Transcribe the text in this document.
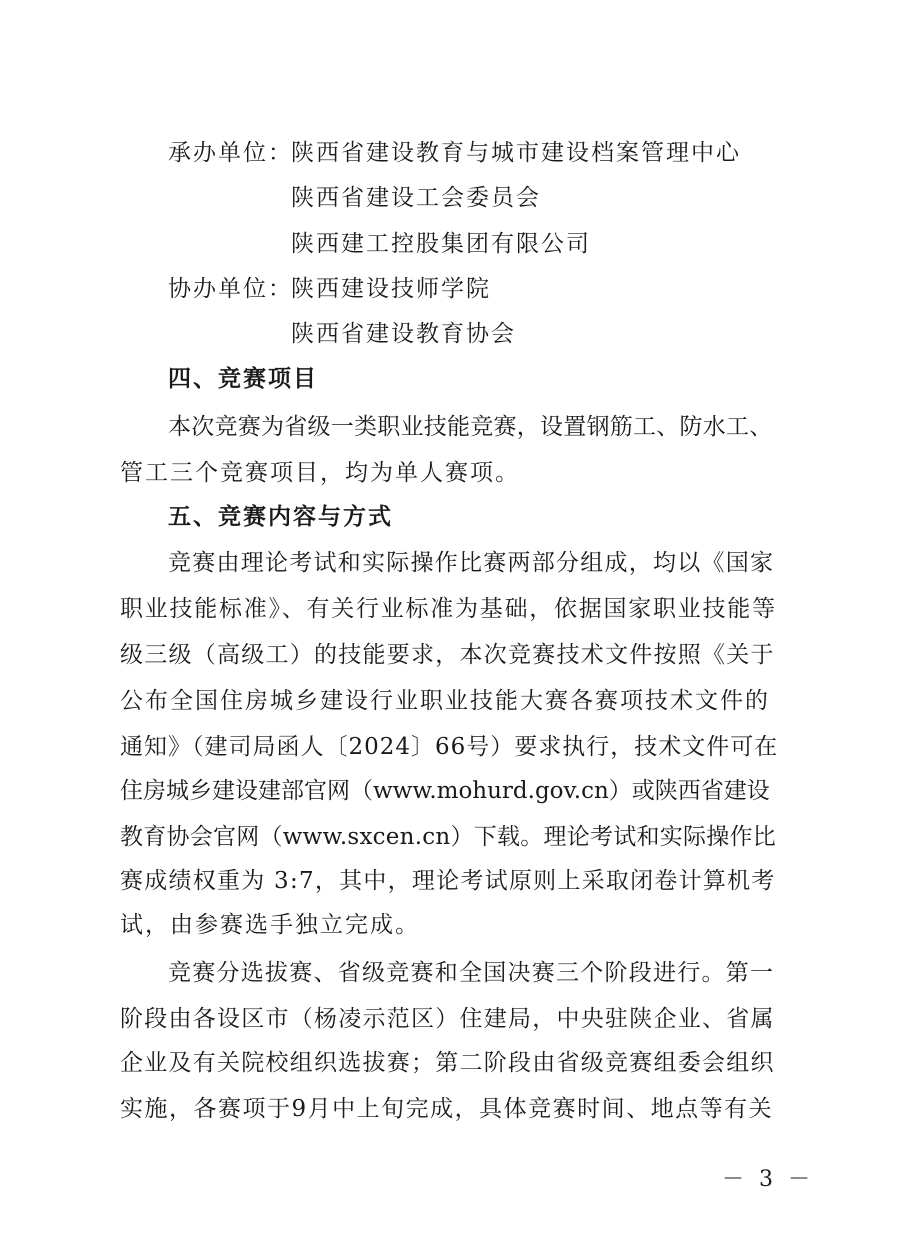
承办单位：
陕西省建设教育与城市建设档案管理中心
陕西省建设工会委员会
陕西建工控股集团有限公司
协办单位：
陕西建设技师学院
陕西省建设教育协会
四、竞赛项目
本次竞赛为省级一类职业技能竞赛，设置钢筋工、防水工、
管工三个竞赛项目，均为单人赛项。
五、竞赛内容与方式
竞赛由理论考试和实际操作比赛两部分组成，均以《国家
职业技能标准》、有关行业标准为基础，依据国家职业技能等
级三级（高级工）的技能要求，本次竞赛技术文件按照《关于
公布全国住房城乡建设行业职业技能大赛各赛项技术文件的
通知》（建司局函人〔2024〕66号）要求执行，技术文件可在
住房城乡建设建部官网（www.mohurd.gov.cn）或陕西省建设
教育协会官网（www.sxcen.cn）下载。理论考试和实际操作比
赛成绩权重为 3:7，其中，理论考试原则上采取闭卷计算机考
试，由参赛选手独立完成。
竞赛分选拔赛、省级竞赛和全国决赛三个阶段进行。第一
阶段由各设区市（杨凌示范区）住建局，中央驻陕企业、省属
企业及有关院校组织选拔赛；第二阶段由省级竞赛组委会组织
实施，各赛项于9月中上旬完成，具体竞赛时间、地点等有关
－ 3 －
